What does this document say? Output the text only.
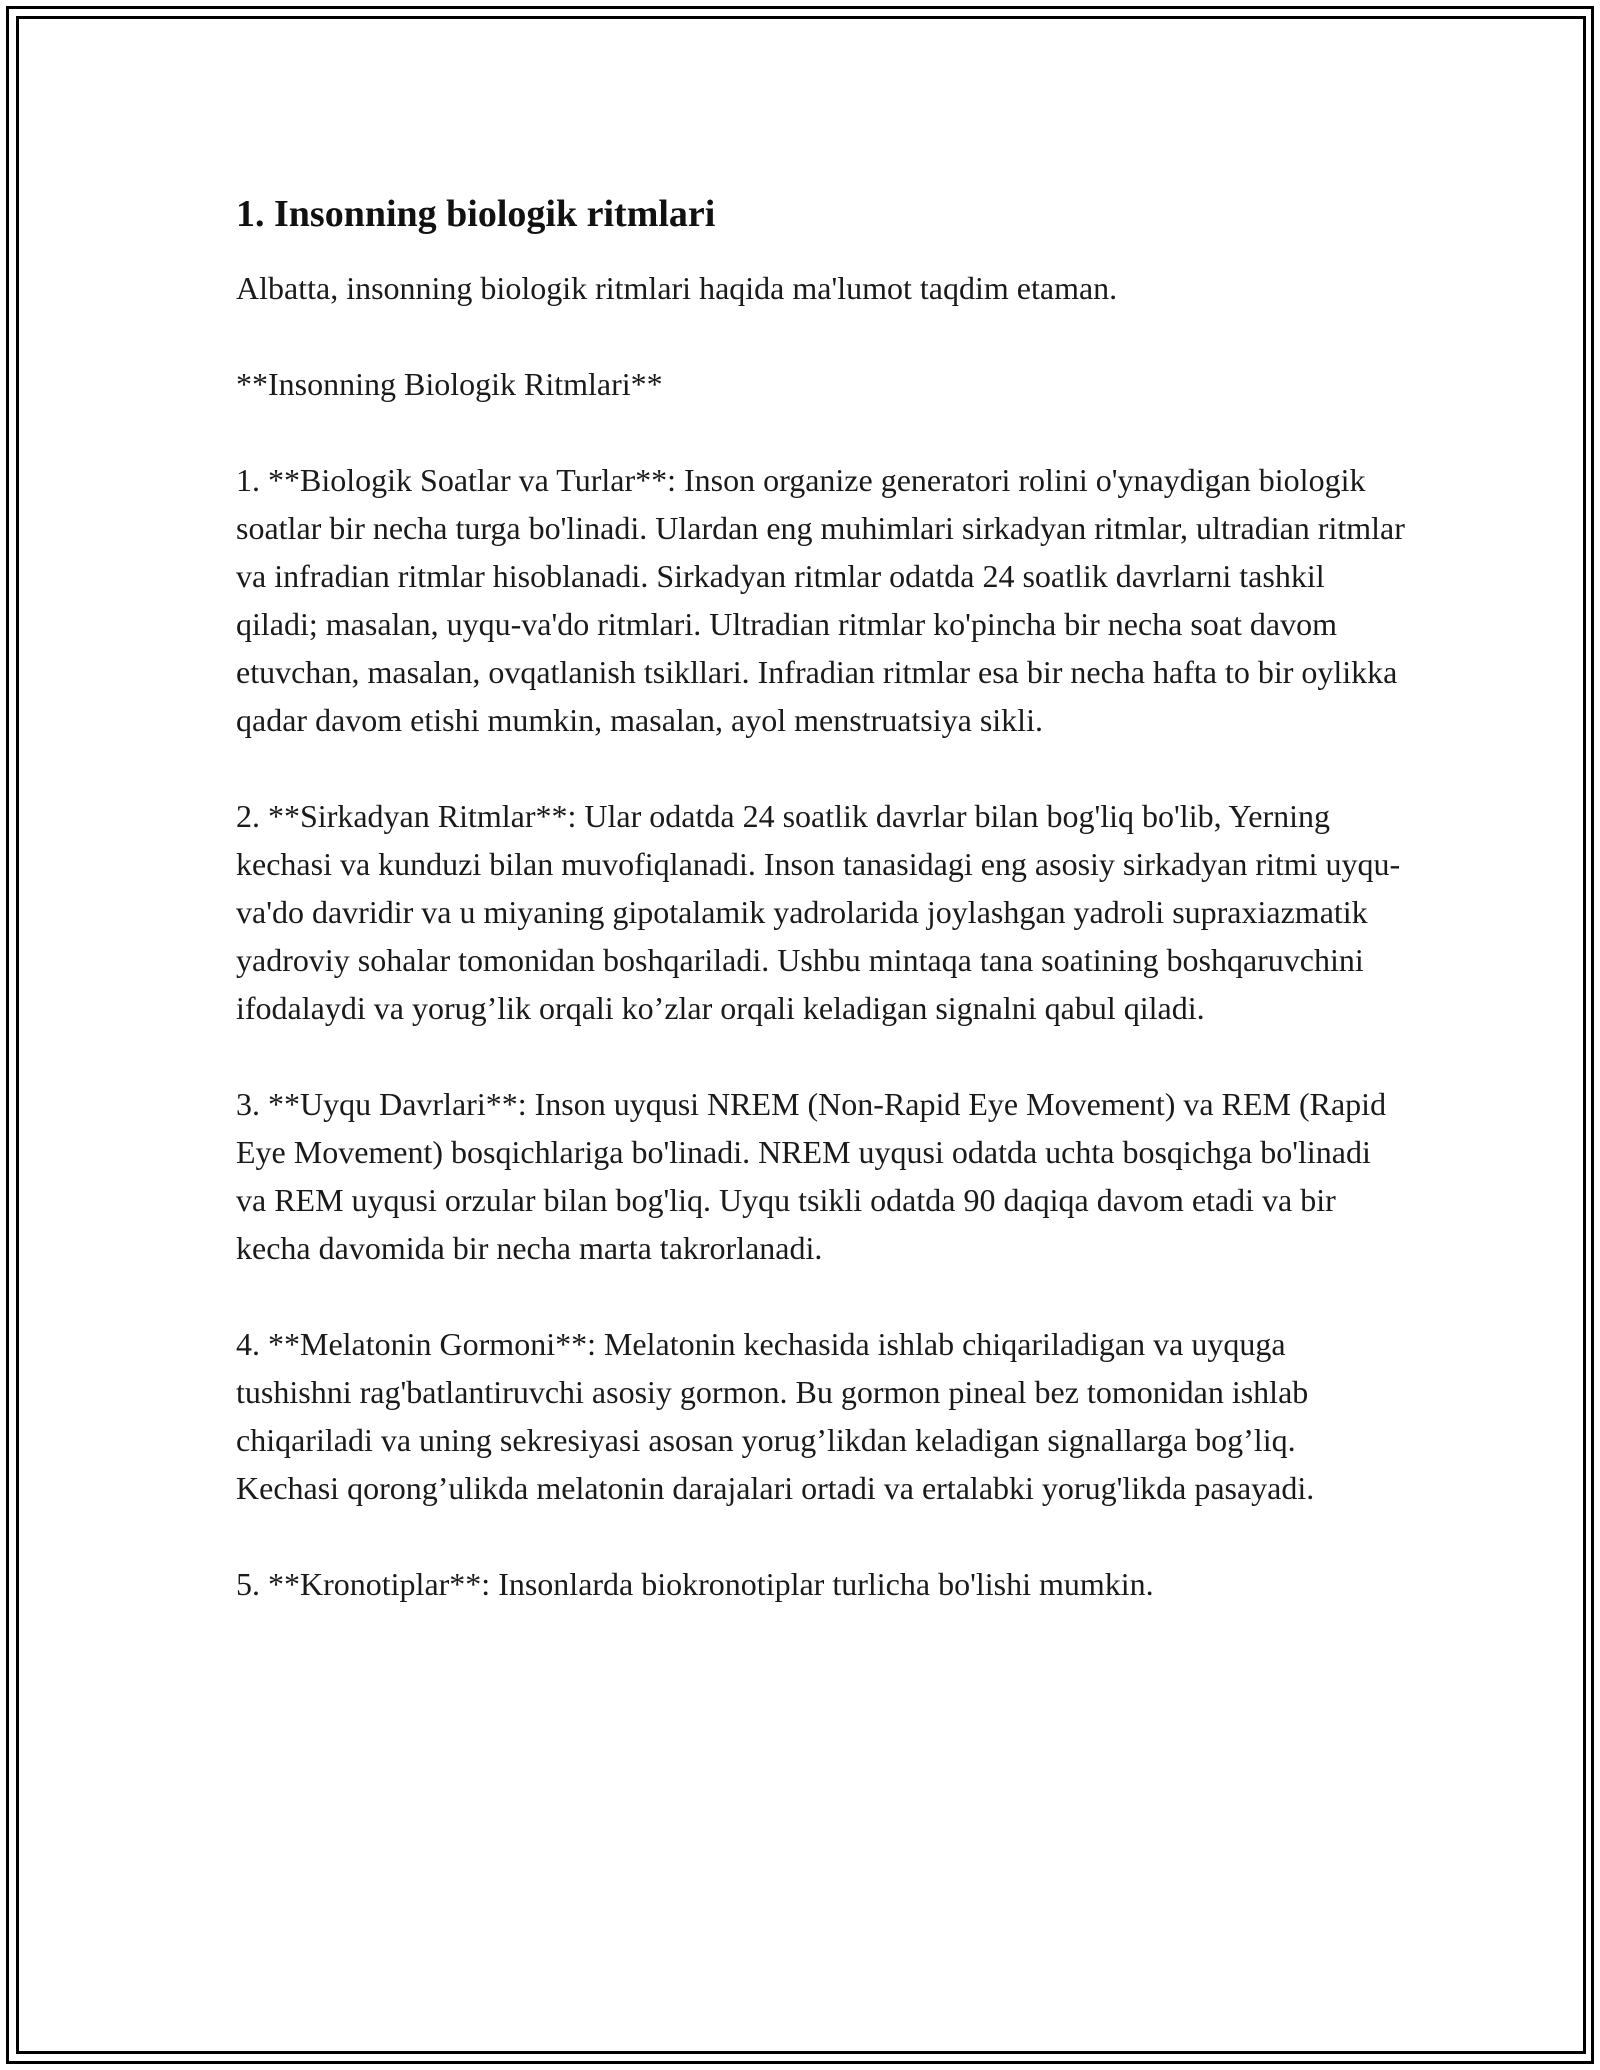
1. Insonning biologik ritmlari

Albatta, insonning biologik ritmlari haqida ma'lumot taqdim etaman.

**Insonning Biologik Ritmlari**

1. **Biologik Soatlar va Turlar**: Inson organize generatori rolini o'ynaydigan biologik soatlar bir necha turga bo'linadi. Ulardan eng muhimlari sirkadyan ritmlar, ultradian ritmlar va infradian ritmlar hisoblanadi. Sirkadyan ritmlar odatda 24 soatlik davrlarni tashkil qiladi; masalan, uyqu-va'do ritmlari. Ultradian ritmlar ko'pincha bir necha soat davom etuvchan, masalan, ovqatlanish tsikllari. Infradian ritmlar esa bir necha hafta to bir oylikka qadar davom etishi mumkin, masalan, ayol menstruatsiya sikli.

2. **Sirkadyan Ritmlar**: Ular odatda 24 soatlik davrlar bilan bog'liq bo'lib, Yerning kechasi va kunduzi bilan muvofiqlanadi. Inson tanasidagi eng asosiy sirkadyan ritmi uyqu-va'do davridir va u miyaning gipotalamik yadrolarida joylashgan yadroli supraxiazmatik yadroviy sohalar tomonidan boshqariladi. Ushbu mintaqa tana soatining boshqaruvchini ifodalaydi va yorug’lik orqali ko’zlar orqali keladigan signalni qabul qiladi.

3. **Uyqu Davrlari**: Inson uyqusi NREM (Non-Rapid Eye Movement) va REM (Rapid Eye Movement) bosqichlariga bo'linadi. NREM uyqusi odatda uchta bosqichga bo'linadi va REM uyqusi orzular bilan bog'liq. Uyqu tsikli odatda 90 daqiqa davom etadi va bir kecha davomida bir necha marta takrorlanadi.

4. **Melatonin Gormoni**: Melatonin kechasida ishlab chiqariladigan va uyquga tushishni rag'batlantiruvchi asosiy gormon. Bu gormon pineal bez tomonidan ishlab chiqariladi va uning sekresiyasi asosan yorug’likdan keladigan signallarga bog’liq. Kechasi qorong’ulikda melatonin darajalari ortadi va ertalabki yorug'likda pasayadi.

5. **Kronotiplar**: Insonlarda biokronotiplar turlicha bo'lishi mumkin.
